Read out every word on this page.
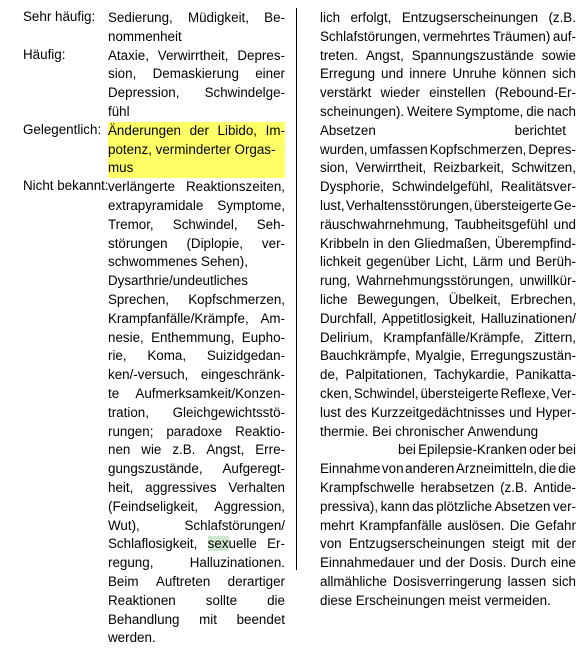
Sehr häufig: Sedierung, Müdigkeit, Be-
nommenheit
Häufig:	Ataxie, Verwirrtheit, Depres-
sion, Demaskierung einer
Depression, Schwindelge-
fühl
Gelegentlich: Änderungen der Libido, Im-
potenz, verminderter Orgas-
mus
Nicht bekannt: verlängerte Reaktionszeiten,
extrapyramidale Symptome,
Tremor, Schwindel, Seh-
störungen (Diplopie, ver-
schwommenes Sehen),
Dysarthrie/undeutliches
Sprechen, Kopfschmerzen,
Krampfanfälle/Krämpfe, Am-
nesie, Enthemmung, Eupho-
rie, Koma, Suizidgedan-
ken/-versuch, eingeschränk-
te Aufmerksamkeit/Konzen-
tration, Gleichgewichtsstö-
rungen; paradoxe Reaktio-
nen wie z.B. Angst, Erre-
gungszustände, Aufgeregt-
heit, aggressives Verhalten
(Feindseligkeit, Aggression,
Wut),	Schlafstörungen/
Schlaflosigkeit, sexuelle Er-
regung,	Halluzinationen.
Beim Auftreten derartiger
Reaktionen sollte die
Behandlung mit beendet
werden.
lich erfolgt, Entzugserscheinungen (z.B.
Schlafstörungen, vermehrtes Träumen) auf-
treten. Angst, Spannungszustände sowie
Erregung und innere Unruhe können sich
verstärkt wieder einstellen (Rebound-Er-
scheinungen). Weitere Symptome, die nach
Absetzen	berichtet
wurden, umfassen Kopfschmerzen, Depres-
sion, Verwirrtheit, Reizbarkeit, Schwitzen,
Dysphorie, Schwindelgefühl, Realitätsver-
lust, Verhaltensstörungen, übersteigerte Ge-
räuschwahrnehmung, Taubheitsgefühl und
Kribbeln in den Gliedmaßen, Überempfind-
lichkeit gegenüber Licht, Lärm und Berüh-
rung, Wahrnehmungsstörungen, unwillkür-
liche Bewegungen, Übelkeit, Erbrechen,
Durchfall, Appetitlosigkeit, Halluzinationen/
Delirium, Krampfanfälle/Krämpfe, Zittern,
Bauchkrämpfe, Myalgie, Erregungszustän-
de, Palpitationen, Tachykardie, Panikatta-
cken, Schwindel, übersteigerte Reflexe, Ver-
lust des Kurzzeitgedächtnisses und Hyper-
thermie. Bei chronischer Anwendung
bei Epilepsie-Kranken oder bei
Einnahme von anderen Arzneimitteln, die die
Krampfschwelle herabsetzen (z.B. Antide-
pressiva), kann das plötzliche Absetzen ver-
mehrt Krampfanfälle auslösen. Die Gefahr
von Entzugserscheinungen steigt mit der
Einnahmedauer und der Dosis. Durch eine
allmähliche Dosisverringerung lassen sich
diese Erscheinungen meist vermeiden.
